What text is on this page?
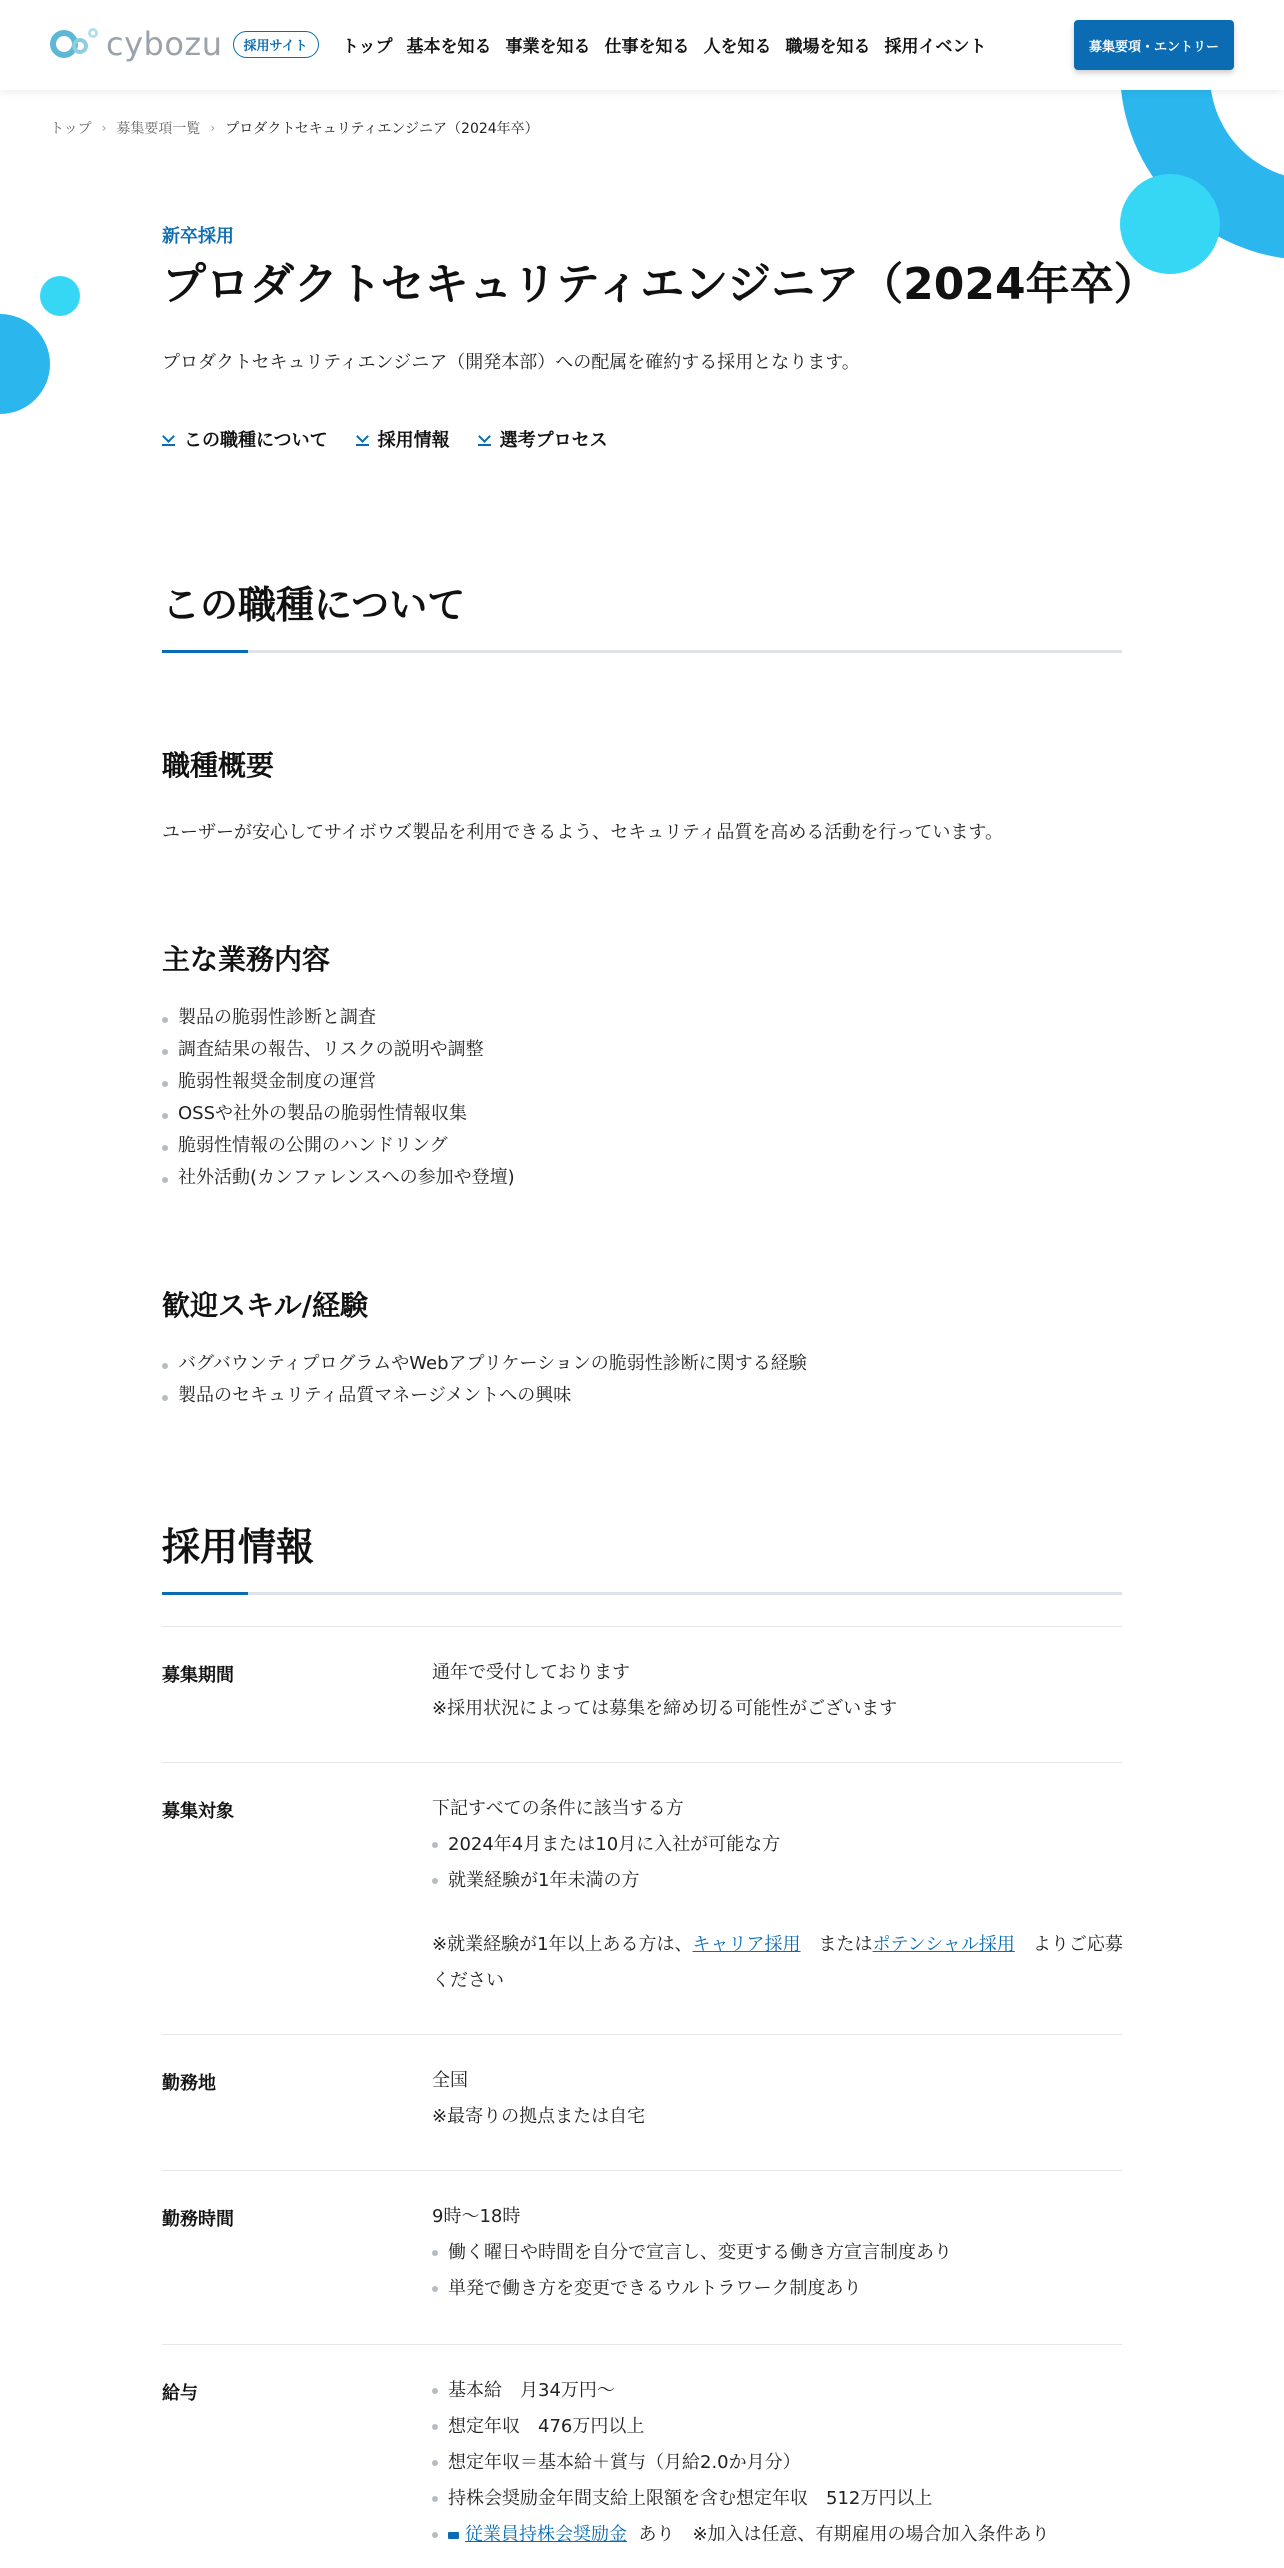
cybozu	採用サイト	トップ 基本を知る 事業を知る 仕事を知る 人を知る 職場を知る 採用イベント	募集要項・エントリー
トップ › 募集要項一覧 › プロダクトセキュリティエンジニア（2024年卒）
新卒採用
プロダクトセキュリティエンジニア（2024年卒）

プロダクトセキュリティエンジニア（開発本部）への配属を確約する採用となります。

この職種について	採用情報	選考プロセス
この職種について
職種概要

ユーザーが安心してサイボウズ製品を利用できるよう、セキュリティ品質を高める活動を行っています。

主な業務内容
製品の脆弱性診断と調査
調査結果の報告、リスクの説明や調整
脆弱性報奨金制度の運営
OSSや社外の製品の脆弱性情報収集
脆弱性情報の公開のハンドリング
社外活動(カンファレンスへの参加や登壇)
歓迎スキル/経験
バグバウンティプログラムやWebアプリケーションの脆弱性診断に関する経験
製品のセキュリティ品質マネージメントへの興味
採用情報
募集期間	通年で受付しております
※採用状況によっては募集を締め切る可能性がございます
募集対象	下記すべての条件に該当する方
2024年4月または10月に入社が可能な方
就業経験が1年未満の方
※就業経験が1年以上ある方は、キャリア採用　またはポテンシャル採用　よりご応募
ください
勤務地	全国
※最寄りの拠点または自宅
勤務時間	9時～18時
働く曜日や時間を自分で宣言し、変更する働き方宣言制度あり
単発で働き方を変更できるウルトラワーク制度あり
給与	基本給　月34万円～
想定年収　476万円以上
想定年収＝基本給＋賞与（月給2.0か月分）
持株会奨励金年間支給上限額を含む想定年収　512万円以上
従業員持株会奨励金 あり　※加入は任意、有期雇用の場合加入条件あり
